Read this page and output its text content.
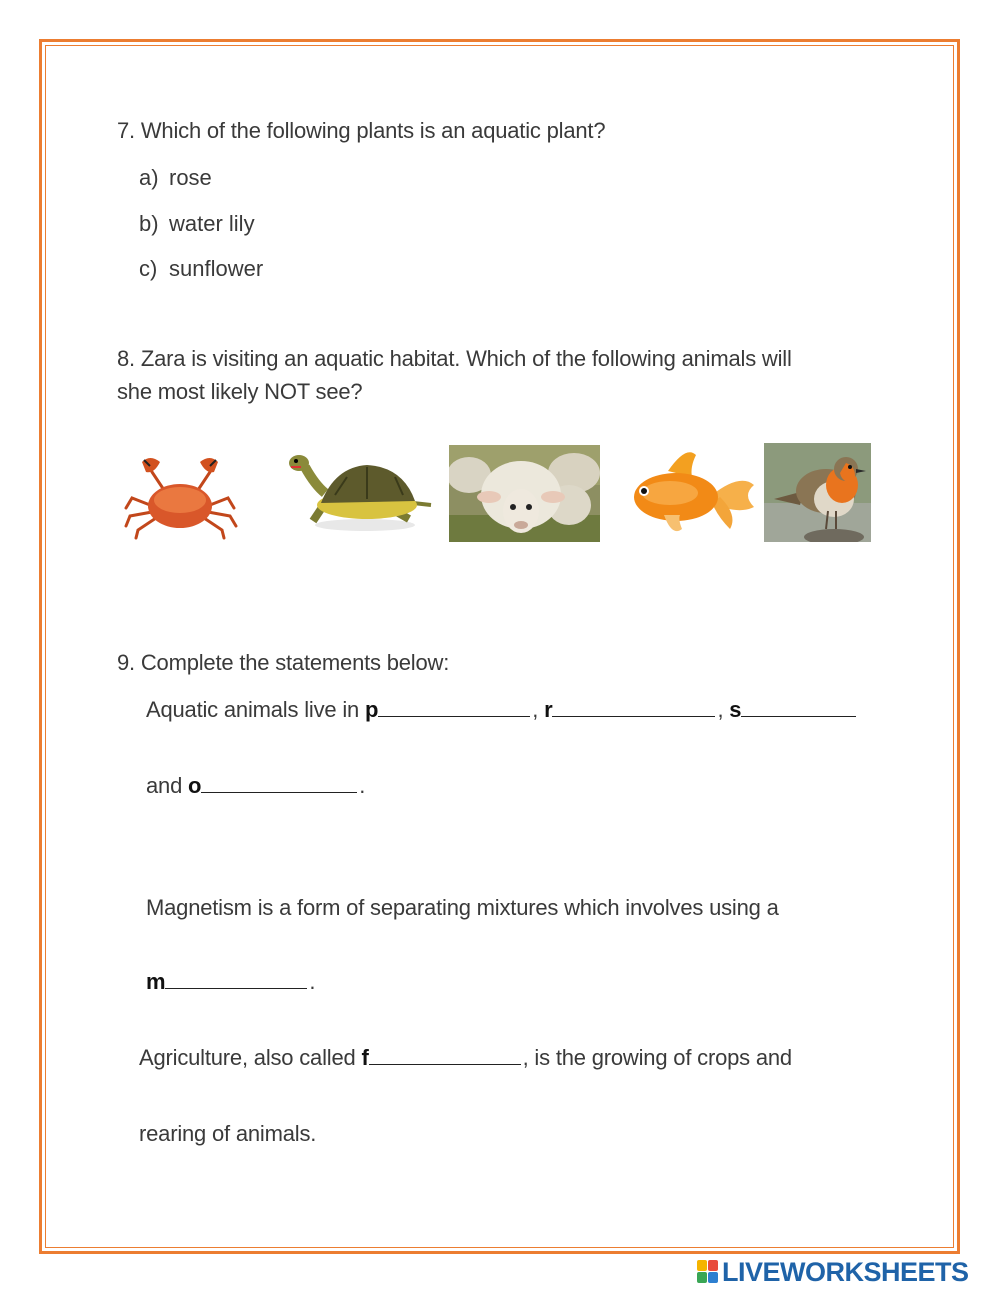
7. Which of the following plants is an aquatic plant?
a) rose
b) water lily
c) sunflower
8. Zara is visiting an aquatic habitat. Which of the following animals will
she most likely NOT see?
9. Complete the statements below:
Aquatic animals live in p	, r	, s
and o	.
Magnetism is a form of separating mixtures which involves using a
m	.
Agriculture, also called f	, is the growing of crops and
rearing of animals.
LIVEWORKSHEETS
